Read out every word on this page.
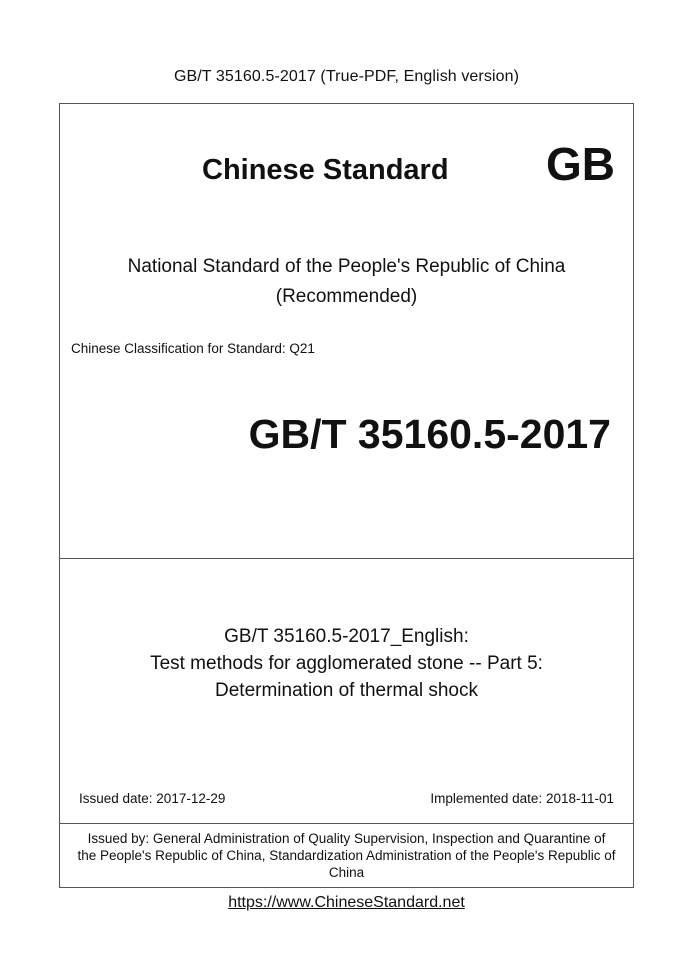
GB/T 35160.5-2017 (True-PDF, English version)
Chinese Standard GB
National Standard of the People's Republic of China
(Recommended)
Chinese Classification for Standard: Q21
GB/T 35160.5-2017
GB/T 35160.5-2017_English:
Test methods for agglomerated stone -- Part 5:
Determination of thermal shock
Issued date: 2017-12-29	Implemented date: 2018-11-01
Issued by: General Administration of Quality Supervision, Inspection and Quarantine of
the People's Republic of China, Standardization Administration of the People's Republic of
China
https://www.ChineseStandard.net
